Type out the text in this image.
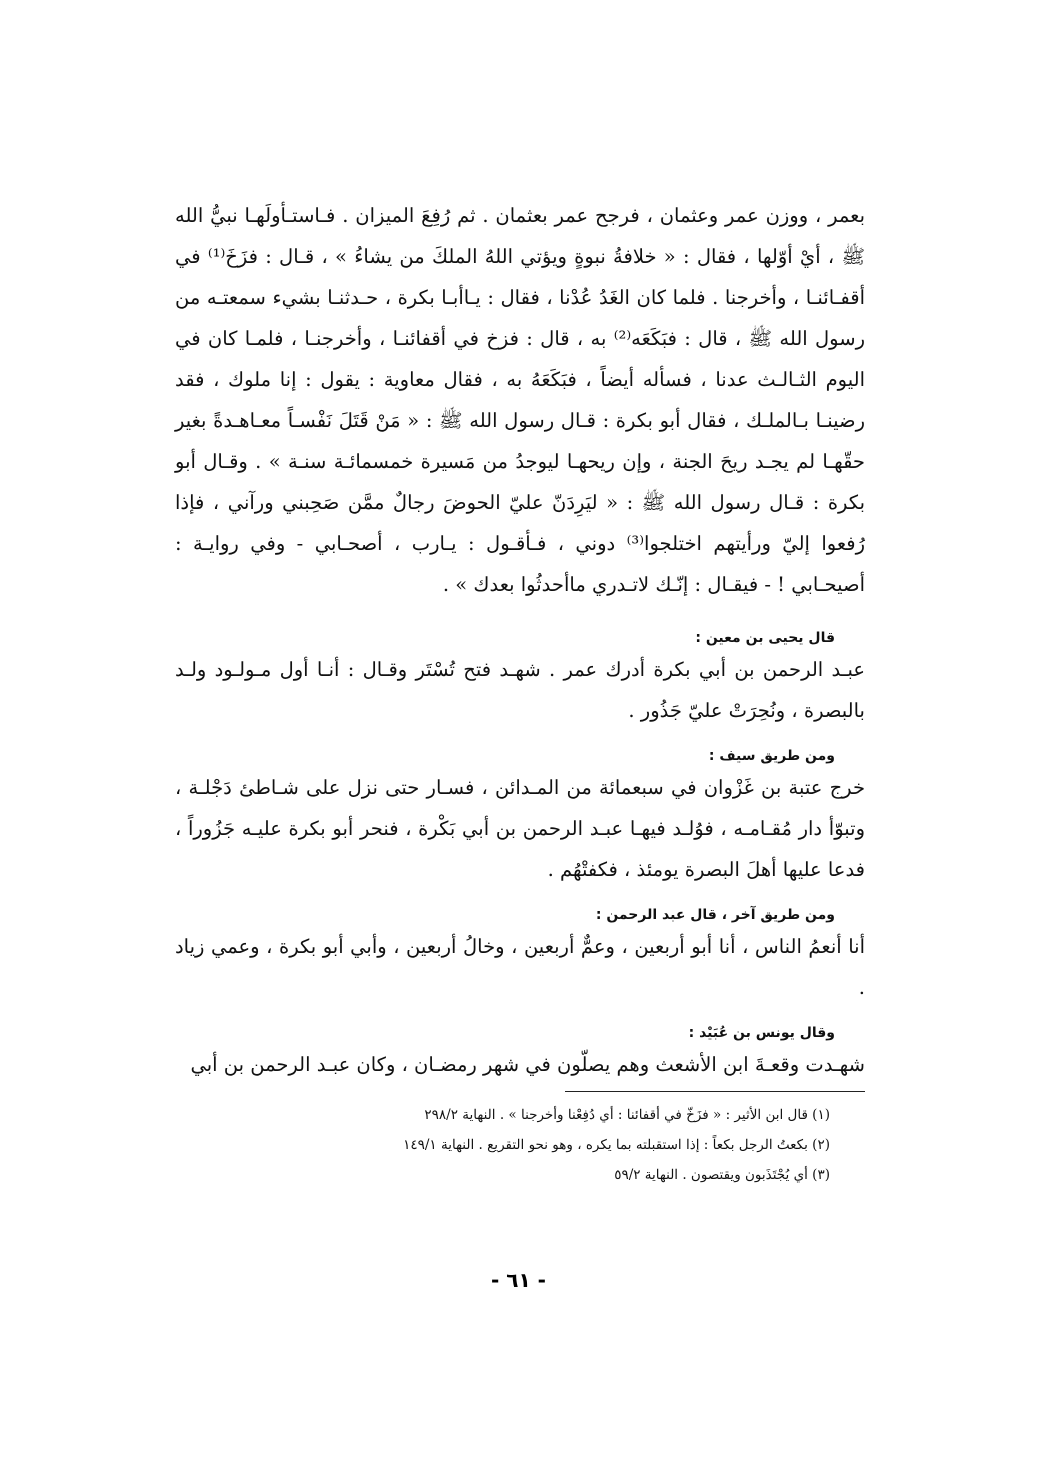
بعمر ، ووزن عمر وعثمان ، فرجح عمر بعثمان . ثم رُفِعَ الميزان . فـاستـأولَهـا نبيُّ الله ﷺ ، أيْ أوّلها ، فقال : « خلافةُ نبوةٍ ويؤتي اللهُ الملكَ من يشاءُ » ، قـال : فزَخَ⁽¹⁾ في أقفـائنـا ، وأخرجنا . فلما كان الغَدُ عُدْنا ، فقال : يـاأبـا بكرة ، حـدثنـا بشيء سمعتـه من رسول الله ﷺ ، قال : فبَكَعَه⁽²⁾ به ، قال : فزخ في أقفائنـا ، وأخرجنـا ، فلمـا كان في اليوم الثـالـث عدنا ، فسأله أيضاً ، فبَكَعَهُ به ، فقال معاوية : يقول : إنا ملوك ، فقد رضينـا بـالملـك ، فقال أبو بكرة : قـال رسول الله ﷺ : « مَنْ قَتَلَ نَفْسـاً معـاهـدةً بغير حقّهـا لم يجـد ريحَ الجنة ، وإن ريحهـا ليوجدُ من مَسيرة خمسمائـة سنـة » . وقـال أبو بكرة : قـال رسول الله ﷺ : « ليَرِدَنّ عليّ الحوضَ رجالٌ ممَّن صَحِبني ورآني ، فإذا رُفعوا إليّ ورأيتهم اختلجوا⁽³⁾ دوني ، فـأقـول : يـارب ، أصحـابي - وفي روايـة : أصيحـابي ! - فيقـال : إنّـك لاتـدري ماأحدثُوا بعدك » .

قال يحيى بن معين :

عبـد الرحمن بن أبي بكرة أدرك عمر . شهـد فتح تُسْتَر وقـال : أنـا أول مـولـود ولـد بالبصرة ، ونُحِرَتْ عليّ جَذُور .

ومن طريق سيف :

خرج عتبة بن غَزْوان في سبعمائة من المـدائن ، فسـار حتى نزل على شـاطئ دَجْلـة ، وتبوّأ دار مُقـامـه ، فوُلـد فيهـا عبـد الرحمن بن أبي بَكْرة ، فنحر أبو بكرة عليـه جَزُوراً ، فدعا عليها أهلَ البصرة يومئذ ، فكفتْهُم .

ومن طريق آخر ، قال عبد الرحمن :

أنا أنعمُ الناس ، أنا أبو أربعين ، وعمٌّ أربعين ، وخالُ أربعين ، وأبي أبو بكرة ، وعمي زياد .

وقال يونس بن عُبَيْد :

شهـدت وقعـةَ ابن الأشعث وهم يصلّون في شهر رمضـان ، وكان عبـد الرحمن بن أبي

(١) قال ابن الأثير : « فزَخّ في أقفائنا : أي دُفِعْنا وأخرجنا » . النهاية ٢٩٨/٢

(٢) بكعتُ الرجل بكعاً : إذا استقبلته بما يكره ، وهو نحو التقريع . النهاية ١٤٩/١

(٣) أي يُجْتَذَبون ويقتصون . النهاية ٥٩/٢

- ٦١ -
